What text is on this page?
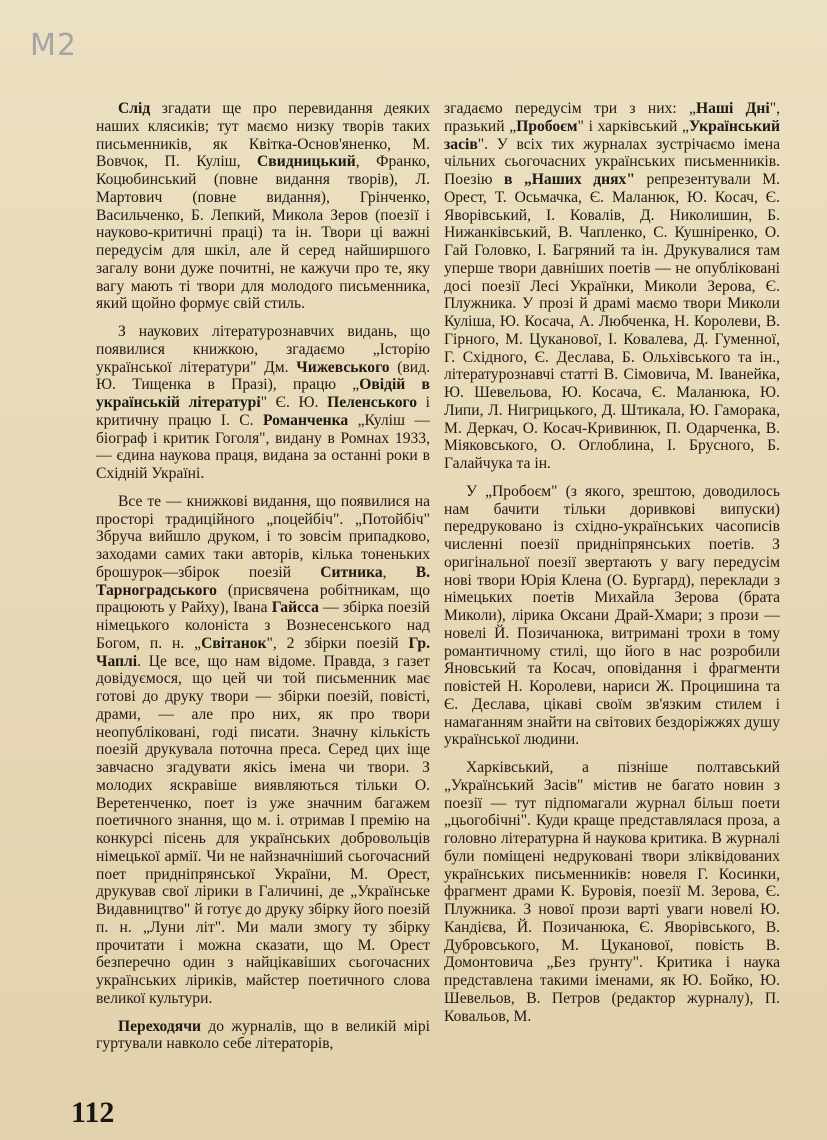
M2

Слід згадати ще про перевидання деяких наших клясиків; тут маємо низку творів таких письменників, як Квітка-Основ'яненко, М. Вовчок, П. Куліш, Свидницький, Франко, Коцюбинський (повне видання творів), Л. Мартович (повне видання), Грінченко, Васильченко, Б. Лепкий, Микола Зеров (поезії і науково-критичні праці) та ін. Твори ці важні передусім для шкіл, але й серед найширшого загалу вони дуже почитні, не кажучи про те, яку вагу мають ті твори для молодого письменника, який щойно формує свій стиль.

З наукових літературознавчих видань, що появилися книжкою, згадаємо „Історію української літератури" Дм. Чижевського (вид. Ю. Тищенка в Празі), працю „Овідій в українській літературі" Є. Ю. Пеленського і критичну працю І. С. Романченка „Куліш — біограф і критик Гоголя", видану в Ромнах 1933, — єдина наукова праця, видана за останні роки в Східній Україні.

Все те — книжкові видання, що появилися на просторі традиційного „поцейбіч". „Потойбіч" Збруча вийшло друком, і то зовсім припадково, заходами самих таки авторів, кілька тоненьких брошурок—збірок поезій Ситника, В. Тарноградського (присвячена робітникам, що працюють у Райху), Івана Гайсса — збірка поезій німецького колоніста з Вознесенського над Богом, п. н. „Світанок", 2 збірки поезій Гр. Чаплі. Це все, що нам відоме. Правда, з газет довідуємося, що цей чи той письменник має готові до друку твори — збірки поезій, повісті, драми, — але про них, як про твори неопубліковані, годі писати. Значну кількість поезій друкувала поточна преса. Серед цих іще завчасно згадувати якісь імена чи твори. З молодих яскравіше виявляються тільки О. Веретенченко, поет із уже значним багажем поетичного знання, що м. і. отримав І премію на конкурсі пісень для українських добровольців німецької армії. Чи не найзначніший сьогочасний поет придніпрянської України, М. Орест, друкував свої лірики в Галичині, де „Українське Видавництво" й готує до друку збірку його поезій п. н. „Луни літ". Ми мали змогу ту збірку прочитати і можна сказати, що М. Орест безперечно один з найцікавіших сьогочасних українських ліриків, майстер поетичного слова великої культури.

Переходячи до журналів, що в великій мірі гуртували навколо себе літераторів,

згадаємо передусім три з них: „Наші Дні", празький „Пробоєм" і харківський „Український засів". У всіх тих журналах зустрічаємо імена чільних сьогочасних українських письменників. Поезію в „Наших днях" репрезентували М. Орест, Т. Осьмачка, Є. Маланюк, Ю. Косач, Є. Яворівський, І. Ковалів, Д. Николишин, Б. Нижанківський, В. Чапленко, С. Кушніренко, О. Гай Головко, І. Багряний та ін. Друкувалися там уперше твори давніших поетів — не опубліковані досі поезії Лесі Українки, Миколи Зерова, Є. Плужника. У прозі й драмі маємо твори Миколи Куліша, Ю. Косача, А. Любченка, Н. Королеви, В. Гірного, М. Цуканової, І. Ковалева, Д. Гуменної, Г. Східного, Є. Деслава, Б. Ольхівського та ін., літературознавчі статті В. Сімовича, М. Іванейка, Ю. Шевельова, Ю. Косача, Є. Маланюка, Ю. Липи, Л. Нигрицького, Д. Штикала, Ю. Гаморака, М. Деркач, О. Косач-Кривинюк, П. Одарченка, В. Міяковського, О. Оглоблина, І. Брусного, Б. Галайчука та ін.

У „Пробоєм" (з якого, зрештою, доводилось нам бачити тільки доривкові випуски) передруковано із східно-українських часописів численні поезії придніпрянських поетів. З оригінальної поезії звертають у вагу передусім нові твори Юрія Клена (О. Бургард), переклади з німецьких поетів Михайла Зерова (брата Миколи), лірика Оксани Драй-Хмари; з прози — новелі Й. Позичанюка, витримані трохи в тому романтичному стилі, що його в нас розробили Яновський та Косач, оповідання і фрагменти повістей Н. Королеви, нариси Ж. Процишина та Є. Деслава, цікаві своїм зв'язким стилем і намаганням знайти на світових бездоріжжях душу української людини.

Харківський, а пізніше полтавський „Український Засів" містив не багато новин з поезії — тут підпомагали журнал більш поети „цьогобічні". Куди краще представлялася проза, а головно літературна й наукова критика. В журналі були поміщені недруковані твори зліквідованих українських письменників: новеля Г. Косинки, фрагмент драми К. Буровія, поезії М. Зерова, Є. Плужника. З нової прози варті уваги новелі Ю. Кандієва, Й. Позичанюка, Є. Яворівського, В. Дубровського, М. Цуканової, повість В. Домонтовича „Без ґрунту". Критика і наука представлена такими іменами, як Ю. Бойко, Ю. Шевельов, В. Петров (редактор журналу), П. Ковальов, М.

112
